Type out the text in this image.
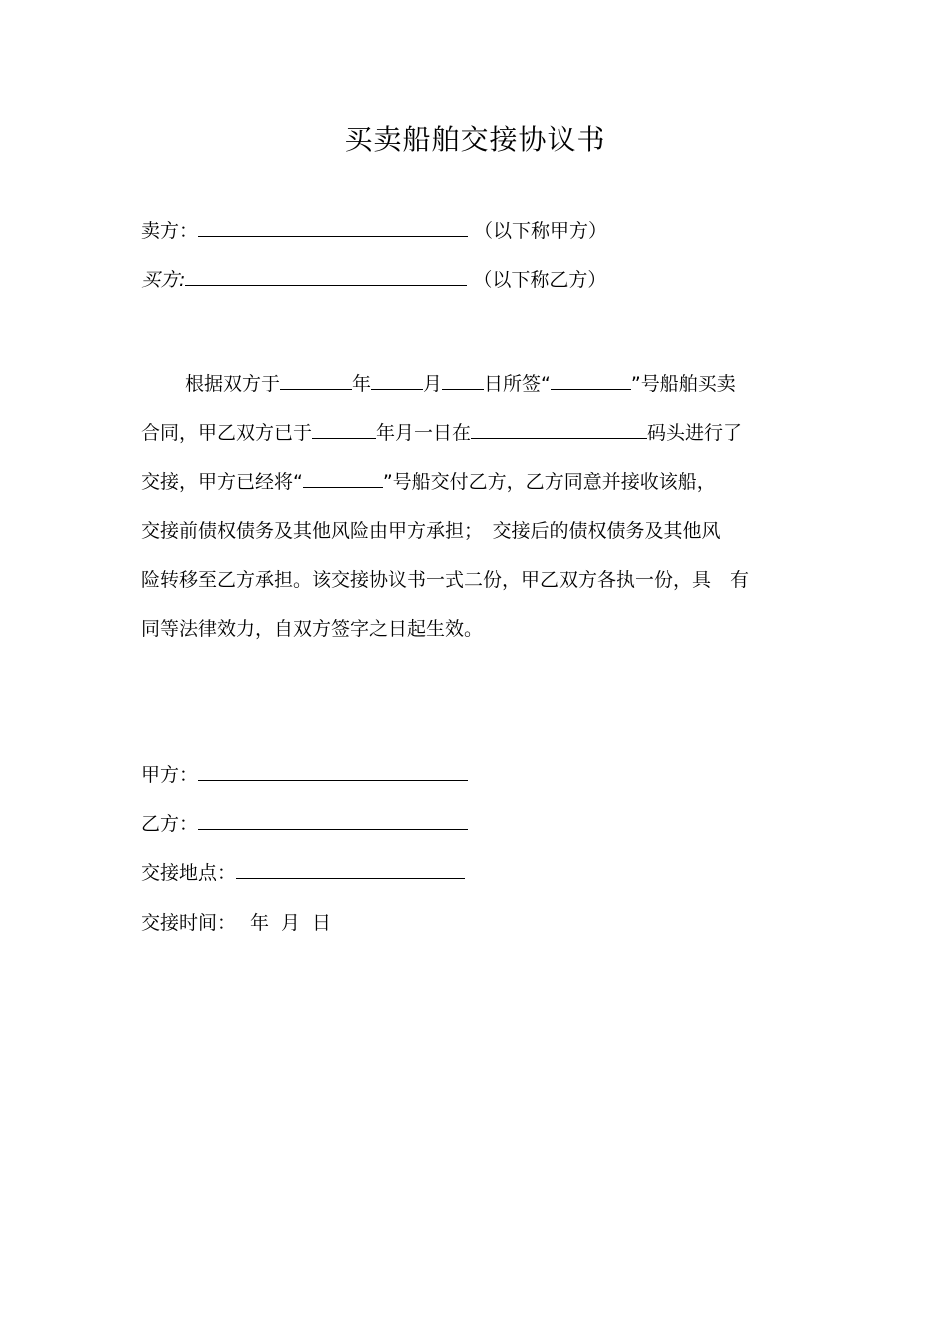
买卖船舶交接协议书
卖方：	（以下称甲方）
买方:	（以下称乙方）
根据双方于	年	月 日所签“	”号船舶买卖
合同，甲乙双方已于	年月一日在	码头进行了
交接，甲方已经将“	”号船交付乙方，乙方同意并接收该船，
交接前债权债务及其他风险由甲方承担；　交接后的债权债务及其他风
险转移至乙方承担。该交接协议书一式二份，甲乙双方各执一份，具　有
同等法律效力，自双方签字之日起生效。
甲方：
乙方：
交接地点：
交接时间： 年 月 日
